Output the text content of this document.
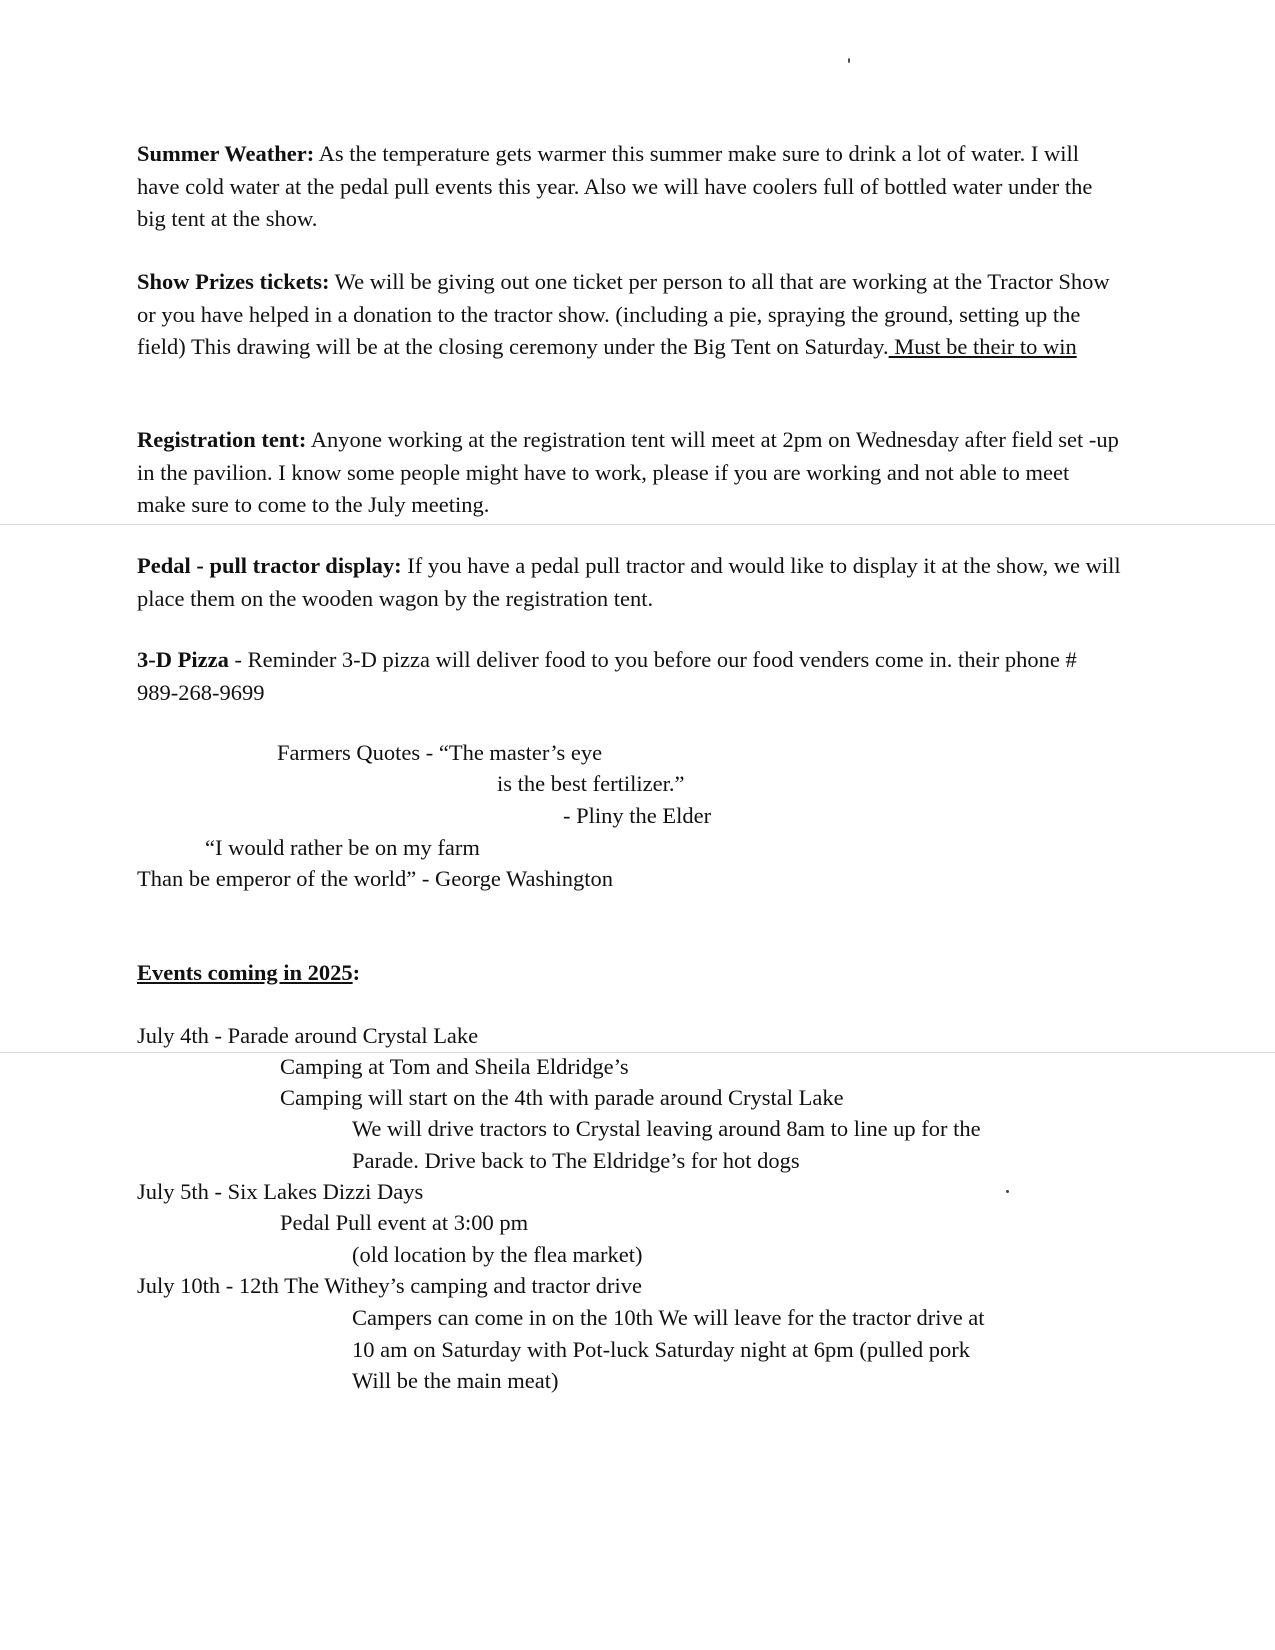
Summer Weather: As the temperature gets warmer this summer make sure to drink a lot of water. I will have cold water at the pedal pull events this year. Also we will have coolers full of bottled water under the big tent at the show.

Show Prizes tickets: We will be giving out one ticket per person to all that are working at the Tractor Show or you have helped in a donation to the tractor show. (including a pie, spraying the ground, setting up the field) This drawing will be at the closing ceremony under the Big Tent on Saturday. Must be their to win

Registration tent: Anyone working at the registration tent will meet at 2pm on Wednesday after field set -up in the pavilion. I know some people might have to work, please if you are working and not able to meet make sure to come to the July meeting.

Pedal - pull tractor display: If you have a pedal pull tractor and would like to display it at the show, we will place them on the wooden wagon by the registration tent.

3-D Pizza - Reminder 3-D pizza will deliver food to you before our food venders come in. their phone # 989-268-9699

Farmers Quotes - “The master’s eye

is the best fertilizer.”

- Pliny the Elder

“I would rather be on my farm

Than be emperor of the world” - George Washington

Events coming in 2025:

July 4th - Parade around Crystal Lake

Camping at Tom and Sheila Eldridge’s

Camping will start on the 4th with parade around Crystal Lake

We will drive tractors to Crystal leaving around 8am to line up for the

Parade. Drive back to The Eldridge’s for hot dogs

July 5th - Six Lakes Dizzi Days

Pedal Pull event at 3:00 pm

(old location by the flea market)

July 10th - 12th The Withey’s camping and tractor drive

Campers can come in on the 10th We will leave for the tractor drive at

10 am on Saturday with Pot-luck Saturday night at 6pm (pulled pork

Will be the main meat)
